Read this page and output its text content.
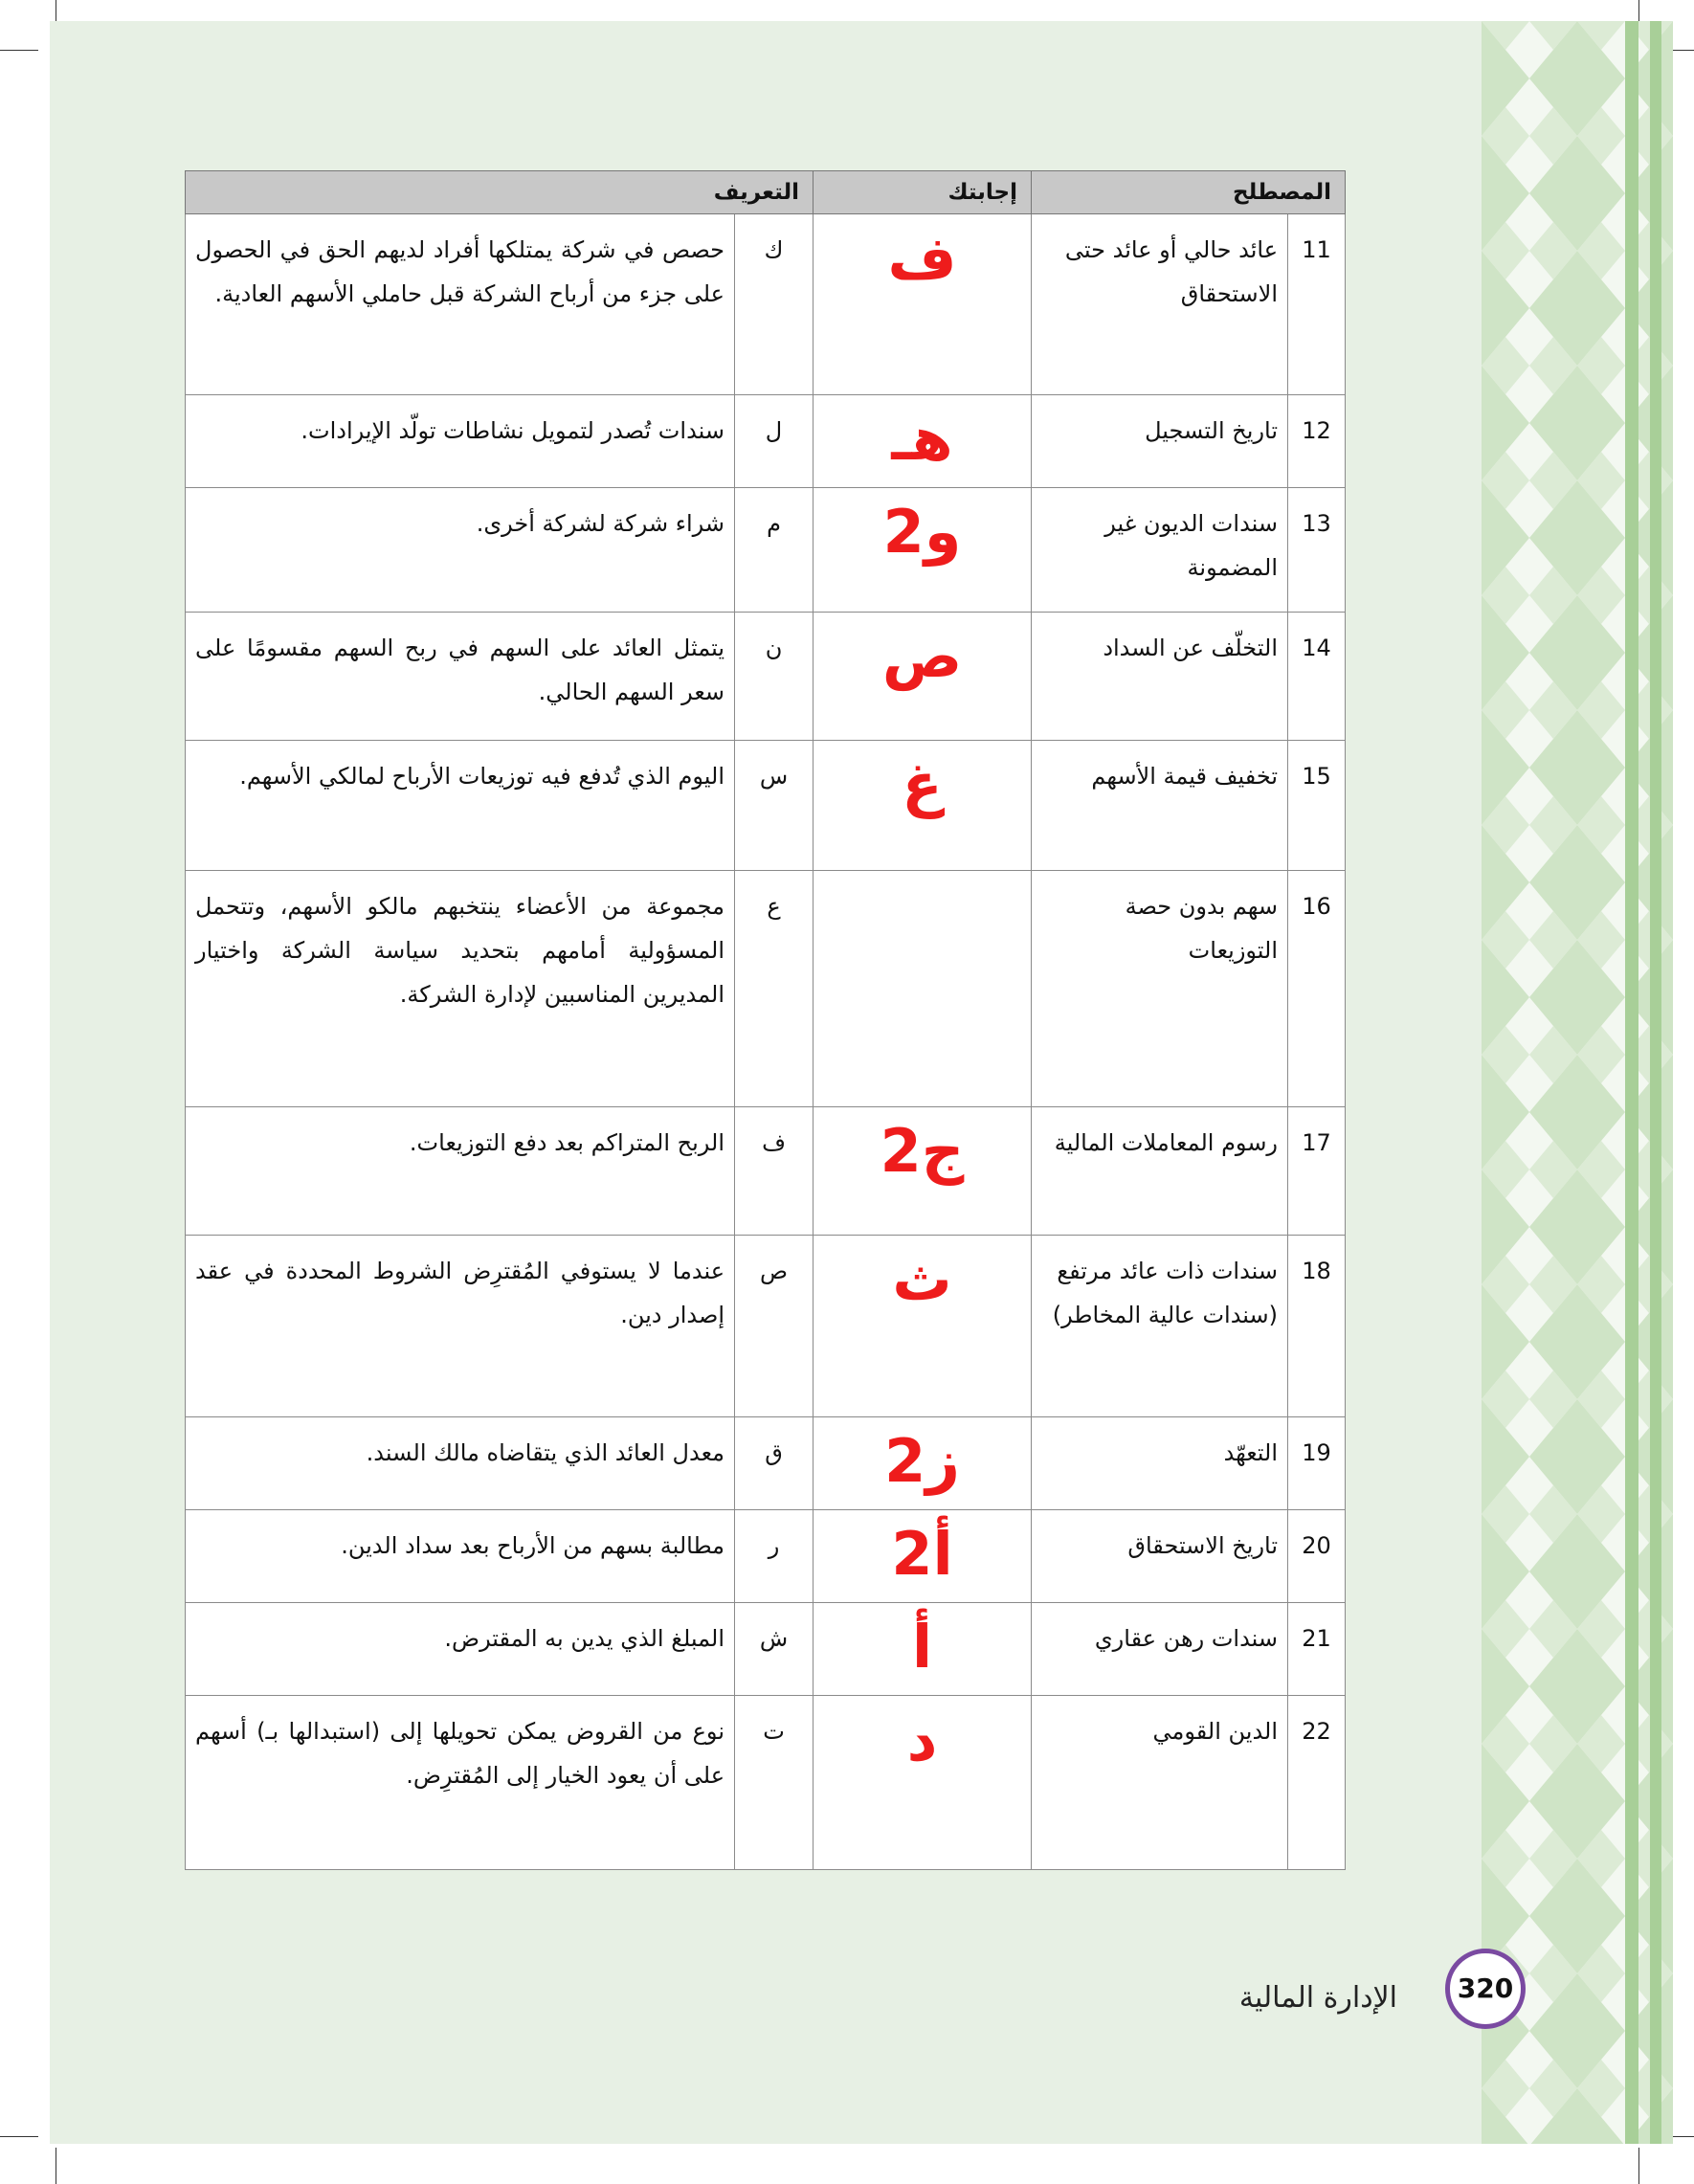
المصطلح		إجابتك	التعريف	
11	عائد حالي أو عائد حتى الاستحقاق	ف	ك	حصص في شركة يمتلكها أفراد لديهم الحق في الحصول على جزء من أرباح الشركة قبل حاملي الأسهم العادية.
12	تاريخ التسجيل	هـ	ل	سندات تُصدر لتمويل نشاطات تولّد الإيرادات.
13	سندات الديون غير المضمونة	و2	م	شراء شركة لشركة أخرى.
14	التخلّف عن السداد	ص	ن	يتمثل العائد على السهم في ربح السهم مقسومًا على سعر السهم الحالي.
15	تخفيف قيمة الأسهم	غ	س	اليوم الذي تُدفع فيه توزيعات الأرباح لمالكي الأسهم.
16	سهم بدون حصة التوزيعات		ع	مجموعة من الأعضاء ينتخبهم مالكو الأسهم، وتتحمل المسؤولية أمامهم بتحديد سياسة الشركة واختيار المديرين المناسبين لإدارة الشركة.
17	رسوم المعاملات المالية	ج2	ف	الربح المتراكم بعد دفع التوزيعات.
18	سندات ذات عائد مرتفع (سندات عالية المخاطر)	ث	ص	عندما لا يستوفي المُقترِض الشروط المحددة في عقد إصدار دين.
19	التعهّد	ز2	ق	معدل العائد الذي يتقاضاه مالك السند.
20	تاريخ الاستحقاق	أ2	ر	مطالبة بسهم من الأرباح بعد سداد الدين.
21	سندات رهن عقاري	أ	ش	المبلغ الذي يدين به المقترض.
22	الدين القومي	د	ت	نوع من القروض يمكن تحويلها إلى (استبدالها بـ) أسهم على أن يعود الخيار إلى المُقترِض.
الإدارة المالية	320
